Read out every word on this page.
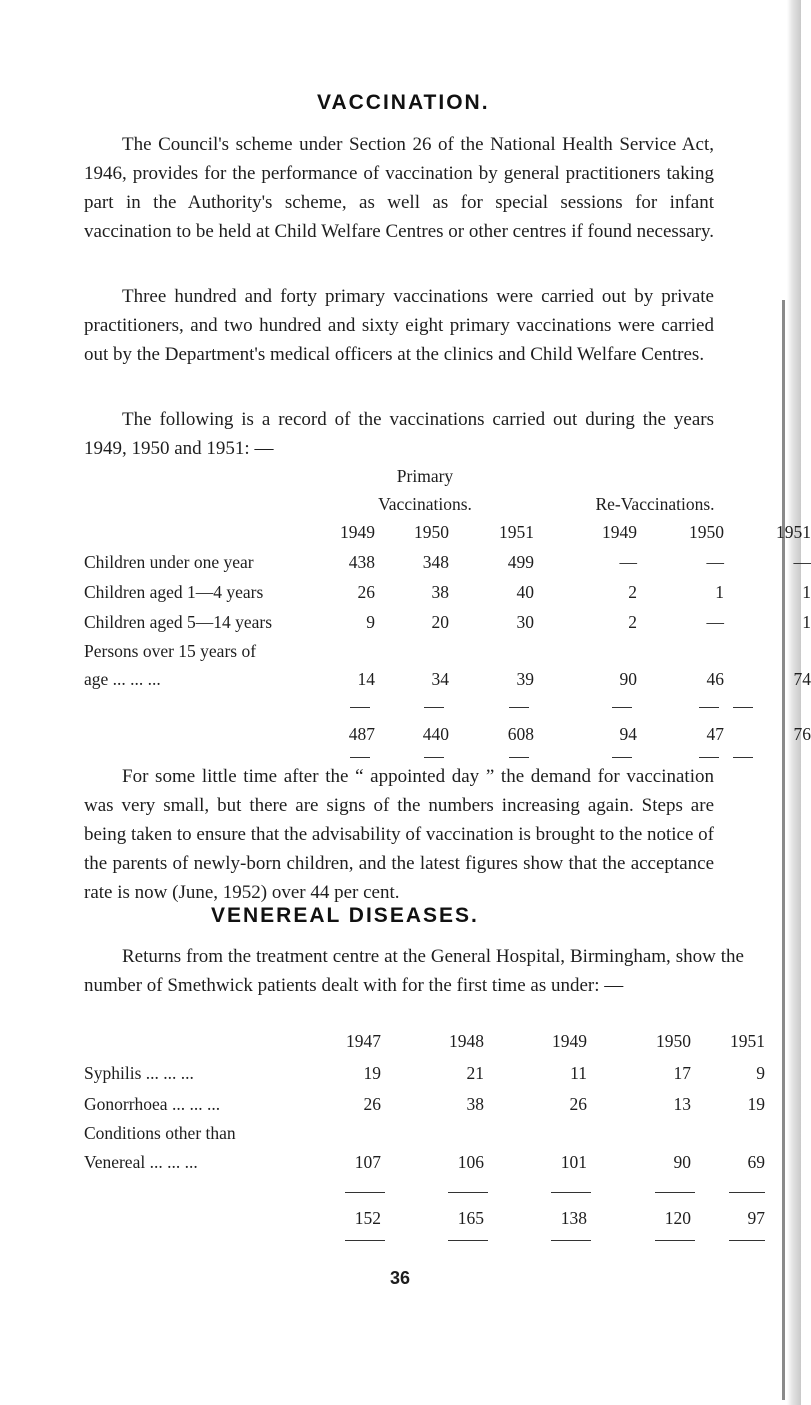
VACCINATION.

The Council's scheme under Section 26 of the National Health Service Act, 1946, provides for the performance of vaccination by general practitioners taking part in the Authority's scheme, as well as for special sessions for infant vaccination to be held at Child Welfare Centres or other centres if found necessary.

Three hundred and forty primary vaccinations were carried out by private practitioners, and two hundred and sixty eight primary vaccinations were carried out by the Department's medical officers at the clinics and Child Welfare Centres.

The following is a record of the vaccinations carried out during the years 1949, 1950 and 1951: —

Primary
Vaccinations.	Re-Vaccinations.
1949	1950	1951	1949	1950	1951
Children under one year	438	348	499	—	—	—
Children aged 1—4 years	26	38	40	2	1	1
Children aged 5—14 years	9	20	30	2	—	1
Persons over 15 years of
age ... ... ...	14	34	39	90	46	74
487	440	608	94	47	76

For some little time after the “ appointed day ” the demand for vaccination was very small, but there are signs of the numbers increasing again. Steps are being taken to ensure that the advisability of vaccination is brought to the notice of the parents of newly-born children, and the latest figures show that the acceptance rate is now (June, 1952) over 44 per cent.

VENEREAL DISEASES.

Returns from the treatment centre at the General Hospital, Birmingham, show the number of Smethwick patients dealt with for the first time as under: —

1947	1948	1949	1950	1951
Syphilis ... ... ...	19	21	11	17	9
Gonorrhoea ... ... ...	26	38	26	13	19
Conditions other than
Venereal ... ... ...	107	106	101	90	69
152	165	138	120	97
36
